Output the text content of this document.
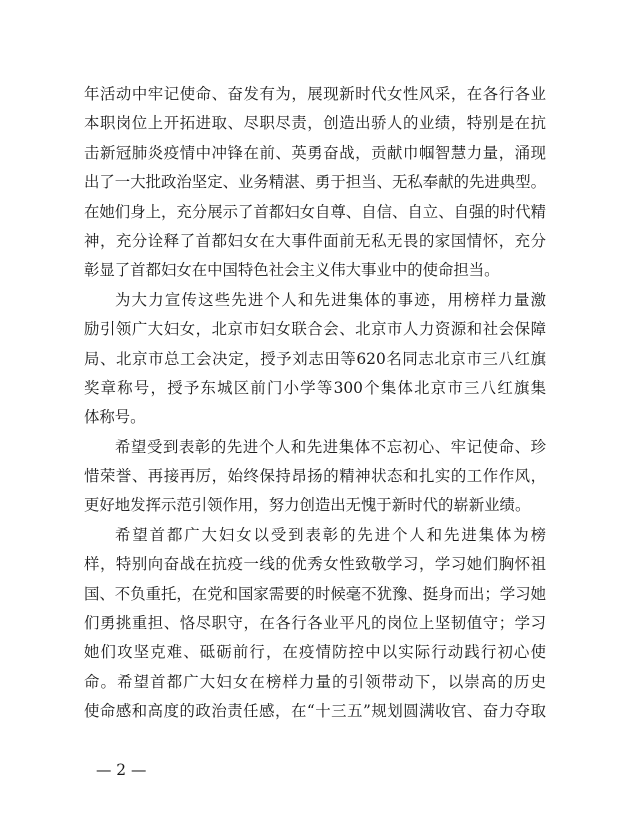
年活动中牢记使命、奋发有为，展现新时代女性风采，在各行各业
本职岗位上开拓进取、尽职尽责，创造出骄人的业绩，特别是在抗
击新冠肺炎疫情中冲锋在前、英勇奋战，贡献巾帼智慧力量，涌现
出了一大批政治坚定、业务精湛、勇于担当、无私奉献的先进典型。
在她们身上，充分展示了首都妇女自尊、自信、自立、自强的时代精
神，充分诠释了首都妇女在大事件面前无私无畏的家国情怀，充分
彰显了首都妇女在中国特色社会主义伟大事业中的使命担当。
为大力宣传这些先进个人和先进集体的事迹，用榜样力量激
励引领广大妇女，北京市妇女联合会、北京市人力资源和社会保障
局、北京市总工会决定，授予刘志田等620名同志北京市三八红旗
奖章称号，授予东城区前门小学等300个集体北京市三八红旗集
体称号。
希望受到表彰的先进个人和先进集体不忘初心、牢记使命、珍
惜荣誉、再接再厉，始终保持昂扬的精神状态和扎实的工作作风，
更好地发挥示范引领作用，努力创造出无愧于新时代的崭新业绩。
希望首都广大妇女以受到表彰的先进个人和先进集体为榜
样，特别向奋战在抗疫一线的优秀女性致敬学习，学习她们胸怀祖
国、不负重托，在党和国家需要的时候毫不犹豫、挺身而出；学习她
们勇挑重担、恪尽职守，在各行各业平凡的岗位上坚韧值守；学习
她们攻坚克难、砥砺前行，在疫情防控中以实际行动践行初心使
命。希望首都广大妇女在榜样力量的引领带动下，以崇高的历史
使命感和高度的政治责任感，在“十三五”规划圆满收官、奋力夺取
— 2 —
